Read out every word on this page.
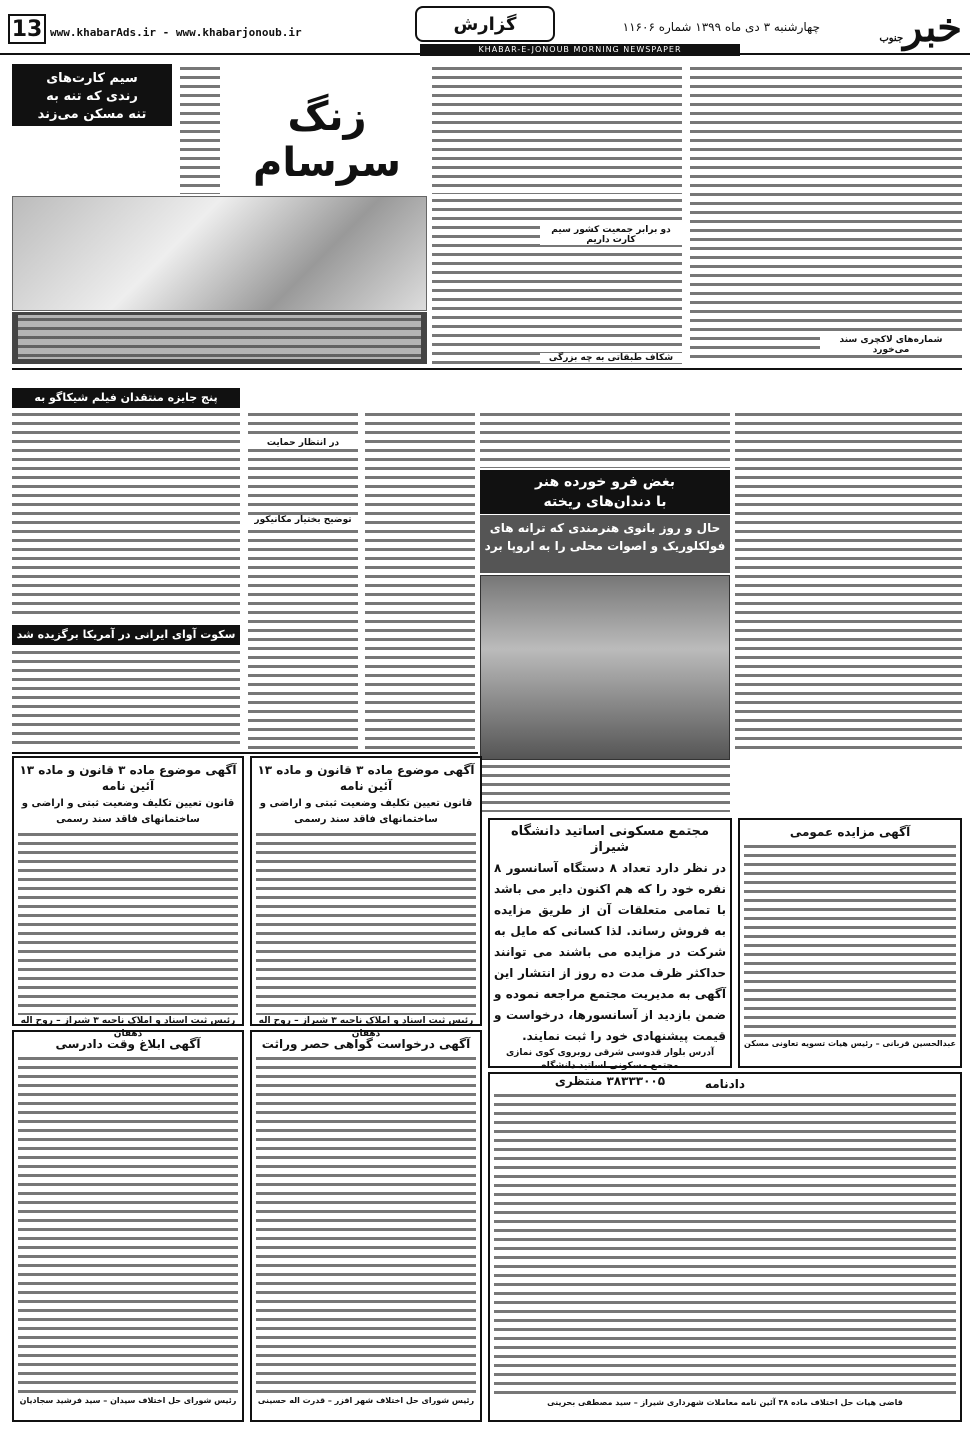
خبرجنوب
چهارشنبه ۳ دی ماه ۱۳۹۹ شماره ۱۱۶۰۶
گزارش
www.khabarAds.ir - www.khabarjonoub.ir
13
KHABAR-E-JONOUB MORNING NEWSPAPER
سیم کارت‌های
رندی که تنه به
تنه مسکن می‌زند	زنگ سرسام
دو برابر جمعیت کشور سیم کارت داریم
شماره‌های لاکچری سند می‌خورد
شکاف طبقاتی به چه بزرگی
پنج جایزه منتقدان فیلم شیکاگو به
سکوت آوای ایرانی در آمریکا برگزیده شد
در انتظار حمایت
توضیح بختیار مکانیکور
بغض فرو خورده هنر
با دندان‌های ریخته
حال و روز بانوی هنرمندی که ترانه های فولکلوریک و اصوات محلی را به اروپا برد
آگهی موضوع ماده ۳ قانون و ماده ۱۳ آئین نامه
قانون تعیین تکلیف وضعیت ثبتی و اراضی و ساختمانهای فاقد سند رسمی
رئیس ثبت اسناد و املاک ناحیه ۳ شیراز – روح اله دهقان
آگهی موضوع ماده ۳ قانون و ماده ۱۳ آئین نامه
قانون تعیین تکلیف وضعیت ثبتی و اراضی و ساختمانهای فاقد سند رسمی
رئیس ثبت اسناد و املاک ناحیه ۳ شیراز – روح اله دهقان
مجتمع مسکونی اساتید دانشگاه شیراز
در نظر دارد تعداد ۸ دستگاه آسانسور ۸ نفره خود را که هم اکنون دایر می باشد با تمامی متعلقات آن از طریق مزایده به فروش رساند. لذا کسانی که مایل به شرکت در مزایده می باشند می توانند حداکثر ظرف مدت ده روز از انتشار این آگهی به مدیریت مجتمع مراجعه نموده و ضمن بازدید از آسانسورها، درخواست و قیمت پیشنهادی خود را ثبت نمایند.
آدرس بلوار قدوسی شرقی روبروی کوی نمازی
مجتمع مسکونی اساتید دانشگاه
۳۸۳۳۳۰۰۵ منتظری
آگهی مزایده عمومی
عبدالحسین قربانی – رئیس هیات تسویه تعاونی مسکن
آگهی ابلاغ وقت دادرسی
رئیس شورای حل اختلاف سیدان – سید فرشید سجادیان
آگهی درخواست گواهی حصر وراثت
رئیس شورای حل اختلاف شهر افزر – قدرت اله حسینی
دادنامه
قاضی هیات حل اختلاف ماده ۳۸ آئین نامه معاملات شهرداری شیراز – سید مصطفی بحرینی
